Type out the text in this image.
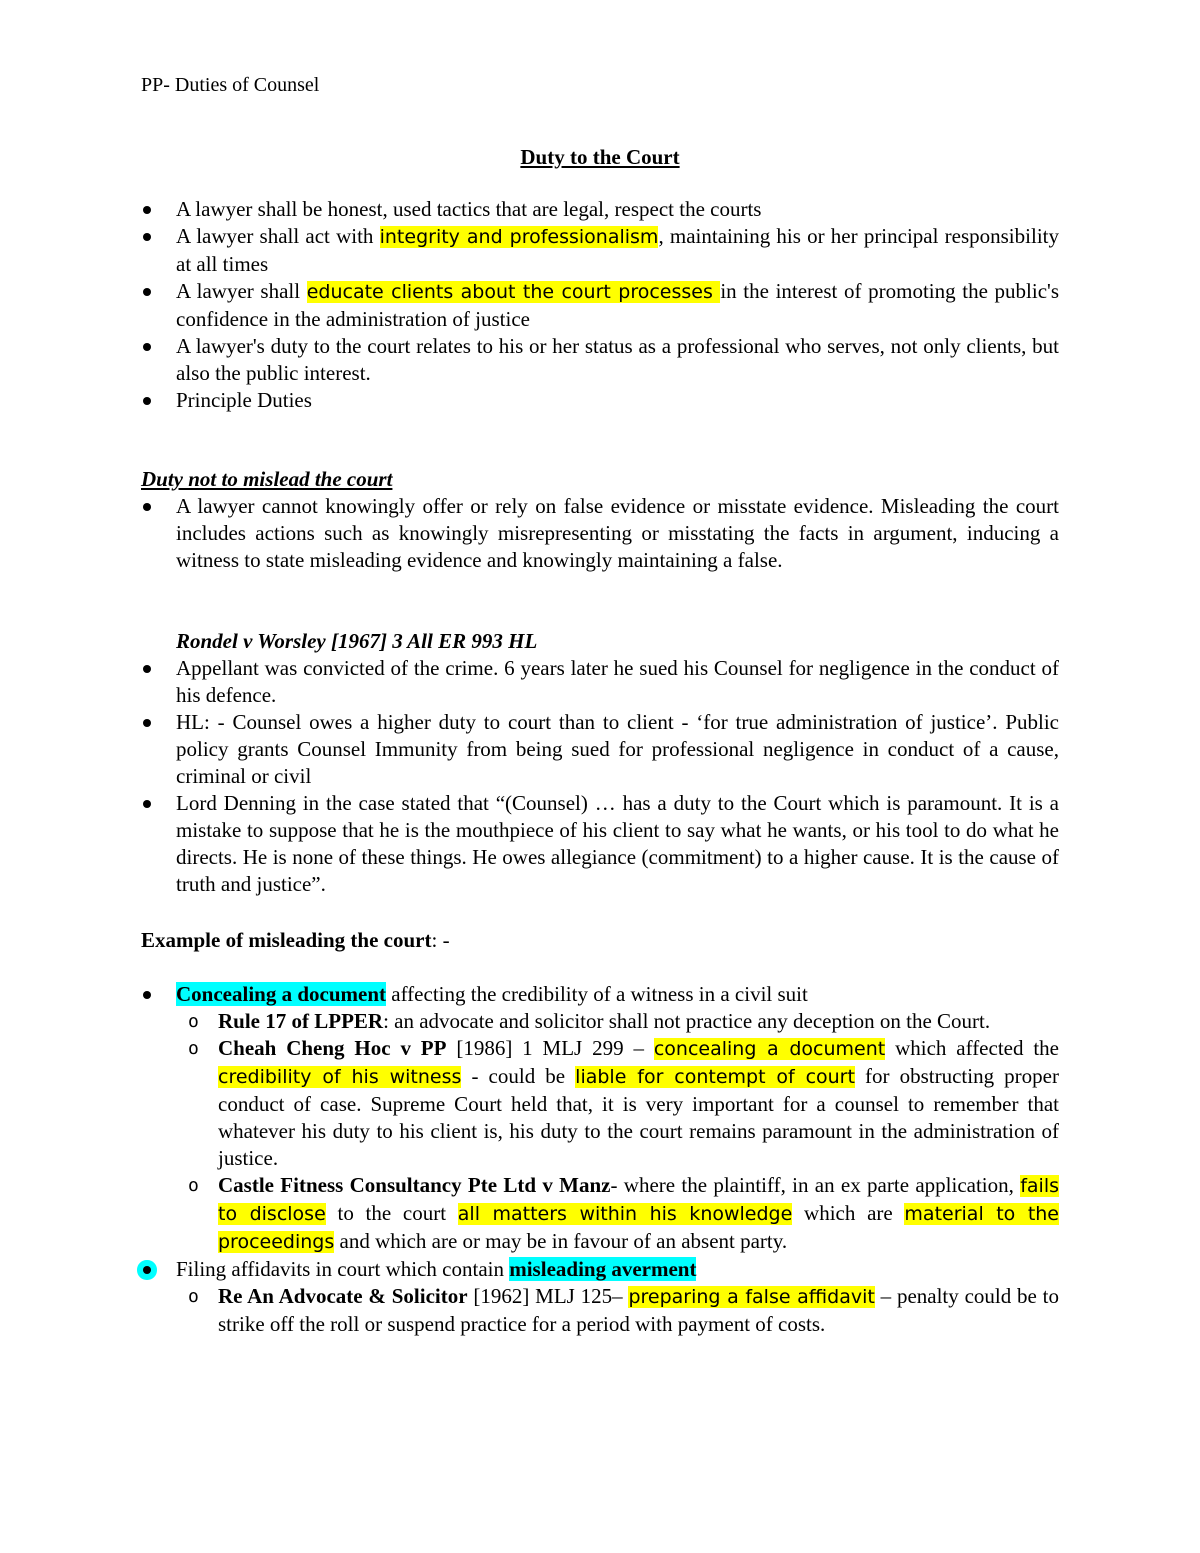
PP- Duties of Counsel
Duty to the Court
A lawyer shall be honest, used tactics that are legal, respect the courts
A lawyer shall act with integrity and professionalism, maintaining his or her principal responsibility at all times
A lawyer shall educate clients about the court processes in the interest of promoting the public's confidence in the administration of justice
A lawyer's duty to the court relates to his or her status as a professional who serves, not only clients, but also the public interest.
Principle Duties
Duty not to mislead the court
A lawyer cannot knowingly offer or rely on false evidence or misstate evidence. Misleading the court includes actions such as knowingly misrepresenting or misstating the facts in argument, inducing a witness to state misleading evidence and knowingly maintaining a false.
Rondel v Worsley [1967] 3 All ER 993 HL
Appellant was convicted of the crime. 6 years later he sued his Counsel for negligence in the conduct of his defence.
HL: - Counsel owes a higher duty to court than to client - ‘for true administration of justice’. Public policy grants Counsel Immunity from being sued for professional negligence in conduct of a cause, criminal or civil
Lord Denning in the case stated that “(Counsel) … has a duty to the Court which is paramount. It is a mistake to suppose that he is the mouthpiece of his client to say what he wants, or his tool to do what he directs. He is none of these things. He owes allegiance (commitment) to a higher cause. It is the cause of truth and justice”.
Example of misleading the court: -
Concealing a document affecting the credibility of a witness in a civil suit
o Rule 17 of LPPER: an advocate and solicitor shall not practice any deception on the Court.
o Cheah Cheng Hoc v PP [1986] 1 MLJ 299 – concealing a document which affected the credibility of his witness - could be liable for contempt of court for obstructing proper conduct of case. Supreme Court held that, it is very important for a counsel to remember that whatever his duty to his client is, his duty to the court remains paramount in the administration of justice.
o Castle Fitness Consultancy Pte Ltd v Manz- where the plaintiff, in an ex parte application, fails to disclose to the court all matters within his knowledge which are material to the proceedings and which are or may be in favour of an absent party.
Filing affidavits in court which contain misleading averment
o Re An Advocate & Solicitor [1962] MLJ 125– preparing a false affidavit – penalty could be to strike off the roll or suspend practice for a period with payment of costs.
